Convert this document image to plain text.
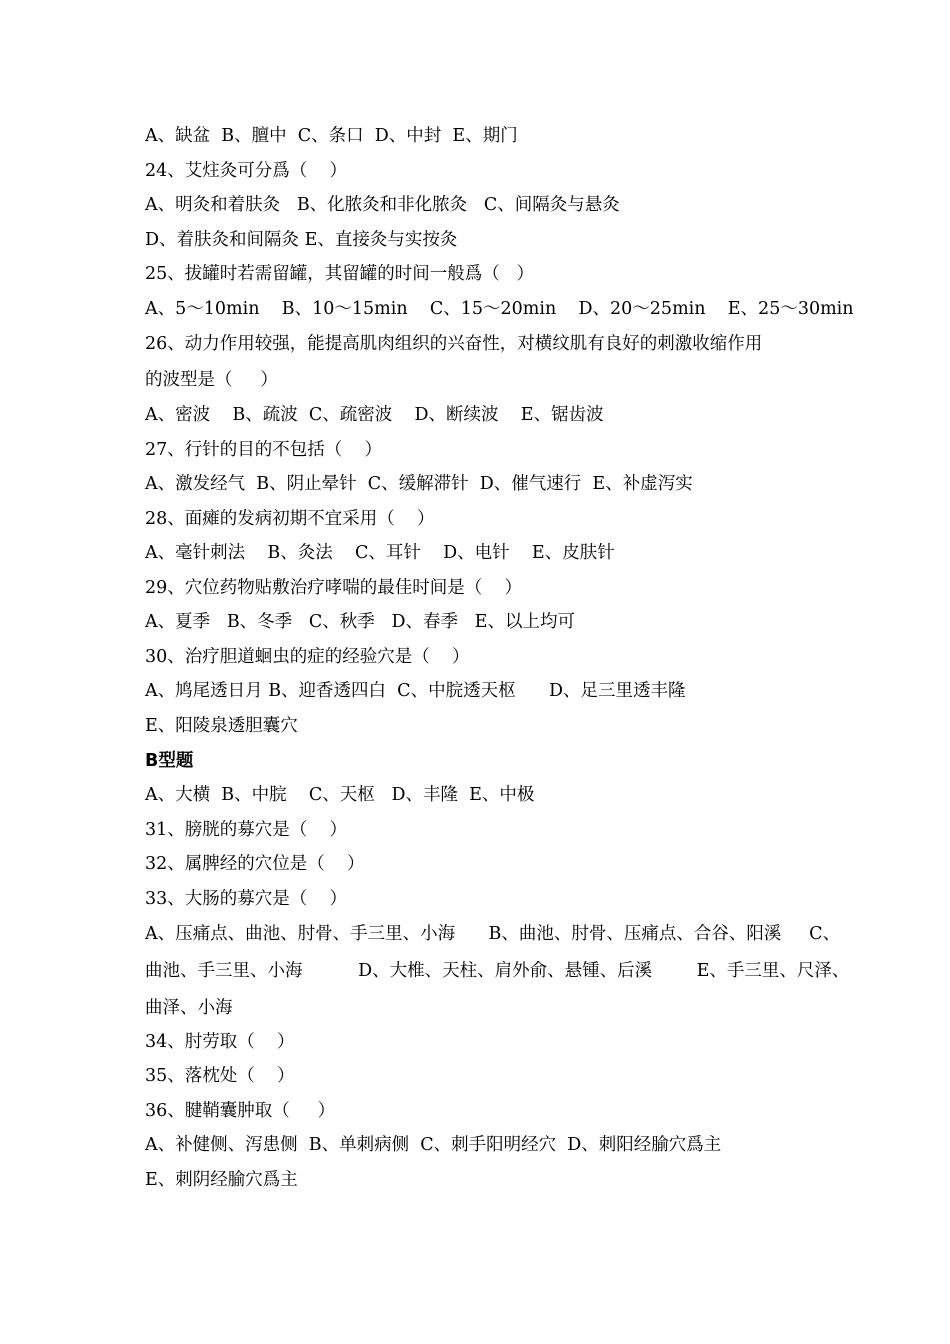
A、缺盆  B、膻中  C、条口  D、中封  E、期门
24、艾炷灸可分爲（    ）
A、明灸和着肤灸   B、化脓灸和非化脓灸   C、间隔灸与悬灸
D、着肤灸和间隔灸 E、直接灸与实按灸
25、拔罐时若需留罐，其留罐的时间一般爲（   ）
A、5～10min    B、10～15min    C、15～20min    D、20～25min    E、25～30min
26、动力作用较强，能提高肌肉组织的兴奋性，对横纹肌有良好的刺激收缩作用
的波型是（     ）
A、密波    B、疏波  C、疏密波    D、断续波    E、锯齿波
27、行针的目的不包括（    ）
A、激发经气  B、阴止晕针  C、缓解滞针  D、催气速行  E、补虚泻实
28、面瘫的发病初期不宜采用（    ）
A、毫针刺法    B、灸法    C、耳针    D、电针    E、皮肤针
29、穴位药物贴敷治疗哮喘的最佳时间是（    ）
A、夏季   B、冬季   C、秋季   D、春季   E、以上均可
30、治疗胆道蛔虫的症的经验穴是（    ）
A、鸠尾透日月 B、迎香透四白  C、中脘透天枢      D、足三里透丰隆
E、阳陵泉透胆囊穴
B型题
A、大横  B、中脘    C、天枢   D、丰隆  E、中极
31、膀胱的募穴是（    ）
32、属脾经的穴位是（    ）
33、大肠的募穴是（    ）
A、压痛点、曲池、肘骨、手三里、小海      B、曲池、肘骨、压痛点、合谷、阳溪     C、
曲池、手三里、小海          D、大椎、天柱、肩外俞、悬锺、后溪        E、手三里、尺泽、
曲泽、小海
34、肘劳取（    ）
35、落枕处（    ）
36、腱鞘囊肿取（     ）
A、补健侧、泻患侧  B、单刺病侧  C、刺手阳明经穴  D、刺阳经腧穴爲主
E、刺阴经腧穴爲主
